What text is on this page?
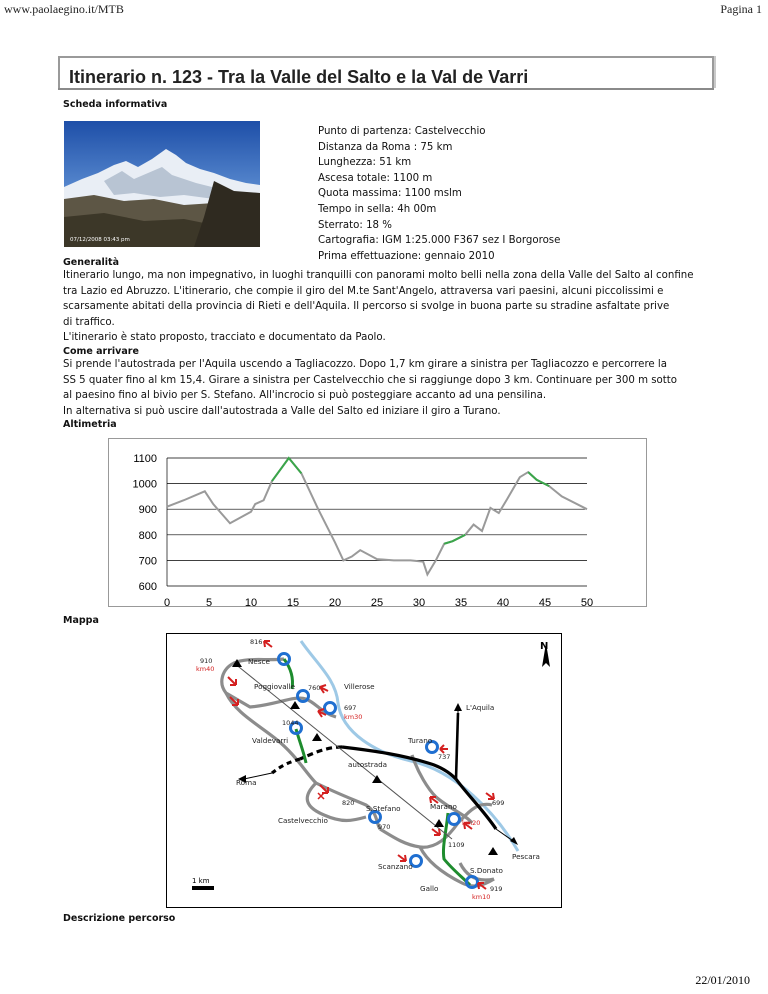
www.paolaegino.it/MTB	Pagina 1
Itinerario n. 123 - Tra la Valle del Salto e la Val de Varri
Scheda informativa
07/12/2008 03:43 pm
Punto di partenza: Castelvecchio
Distanza da Roma : 75 km
Lunghezza: 51 km
Ascesa totale: 1100 m
Quota massima: 1100 mslm
Tempo in sella: 4h 00m
Sterrato: 18 %
Cartografia: IGM 1:25.000 F367 sez I Borgorose
Prima effettuazione: gennaio 2010
Generalità
Itinerario lungo, ma non impegnativo, in luoghi tranquilli con panorami molto belli nella zona della Valle del Salto al confine
tra Lazio ed Abruzzo. L'itinerario, che compie il giro del M.te Sant'Angelo, attraversa vari paesini, alcuni piccolissimi e
scarsamente abitati della provincia di Rieti e dell'Aquila. Il percorso si svolge in buona parte su stradine asfaltate prive
di traffico.
L'itinerario è stato proposto, tracciato e documentato da Paolo.
Come arrivare
Si prende l'autostrada per l'Aquila uscendo a Tagliacozzo. Dopo 1,7 km girare a sinistra per Tagliacozzo e percorrere la
SS 5 quater fino al km 15,4. Girare a sinistra per Castelvecchio che si raggiunge dopo 3 km. Continuare per 300 m sotto
al paesino fino al bivio per S. Stefano. All'incrocio si può posteggiare accanto ad una pensilina.
In alternativa si può uscire dall'autostrada a Valle del Salto ed iniziare il giro a Turano.
Altimetria
600
700
800
900
1000
1100
0	5	10	15	20	25	30	35	40	45	50
Mappa
N
1 km
Nesce
Poggiovalle	Villerose
Valdevarri	Turano
autostrada
L'Aquila
Roma
Castelvecchio
S.Stefano	Marano
Pescara
Scanzano	S.Donato
Gallo
816
910
760
697
1044
737
820
970
699
1109
919
km40
km30
km20
km10
Descrizione percorso
22/01/2010
